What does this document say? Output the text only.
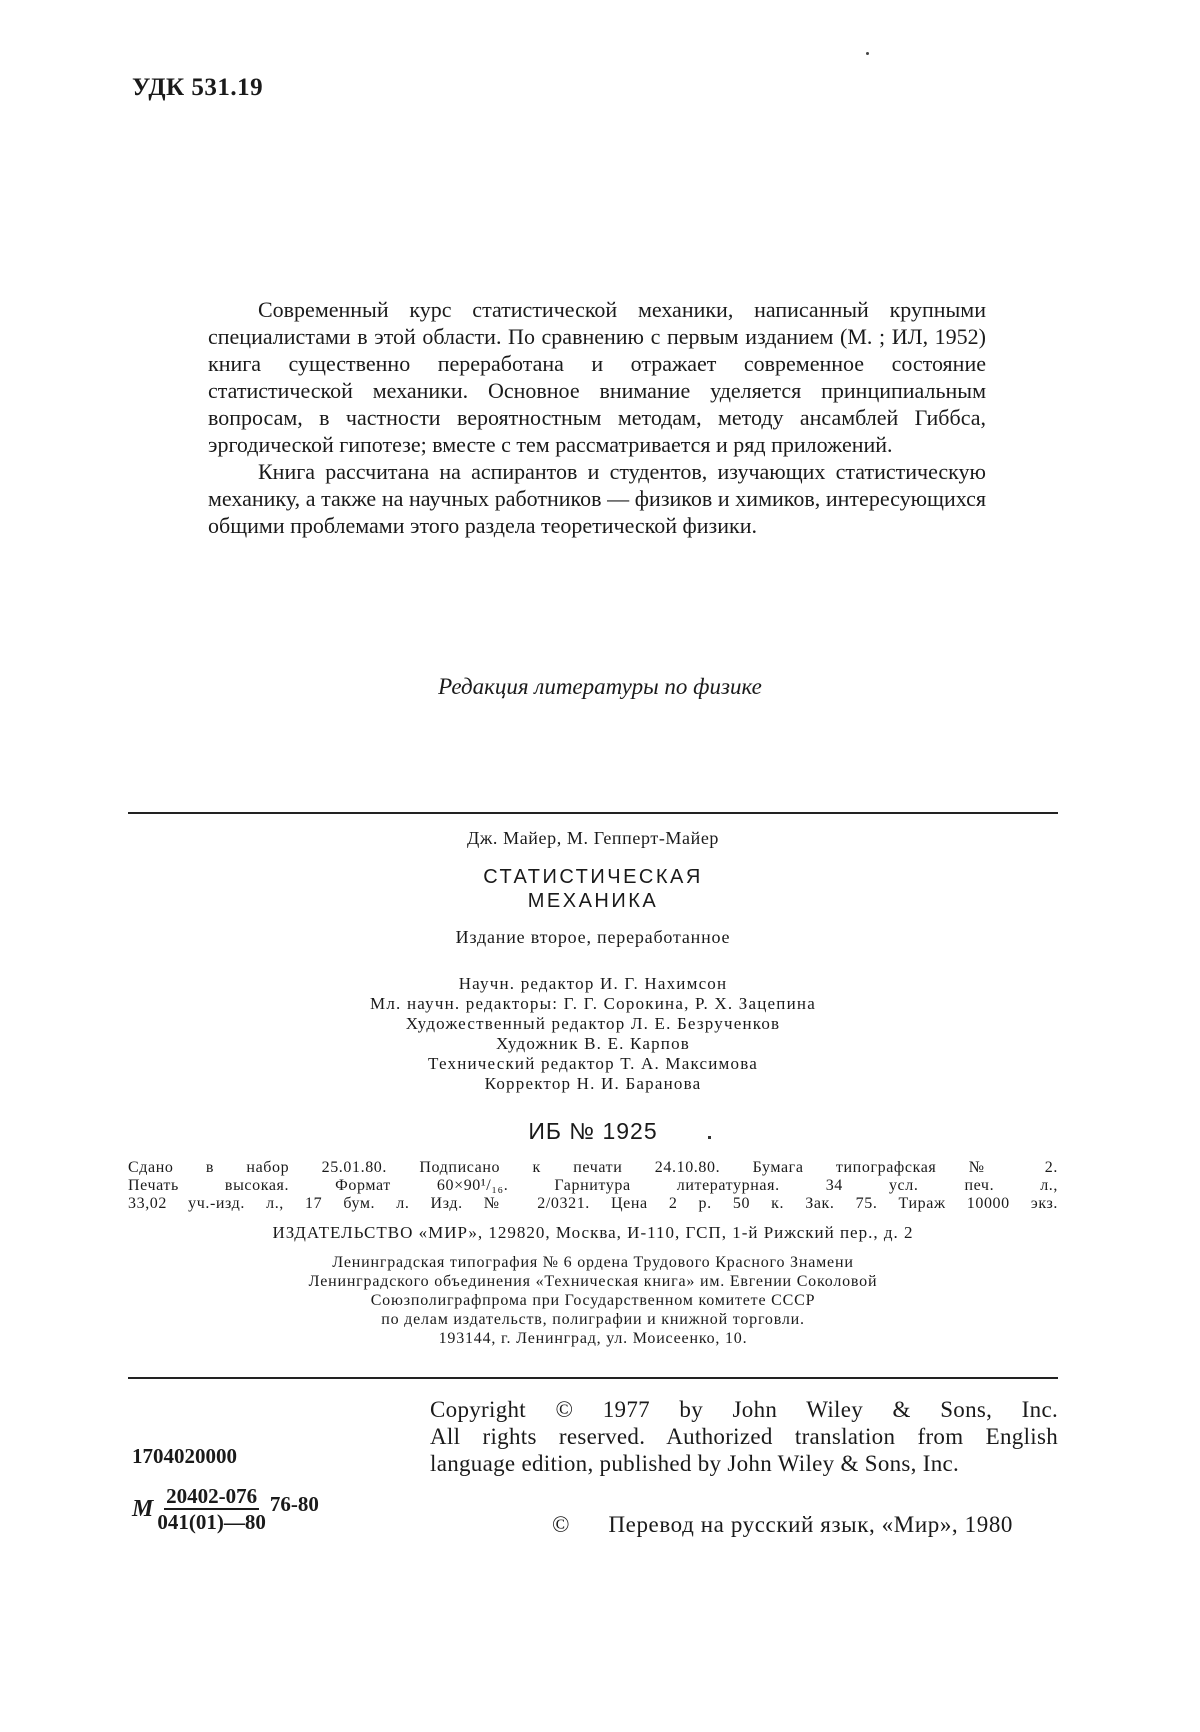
УДК 531.19

Современный курс статистической механики, написанный крупными специалистами в этой области. По сравнению с первым изданием (М. ; ИЛ, 1952) книга существенно переработана и отражает современное состояние статистической механики. Основное внимание уделяется принципиальным вопросам, в частности вероятностным методам, методу ансамблей Гиббса, эргодической гипотезе; вместе с тем рассматривается и ряд приложений.

Книга рассчитана на аспирантов и студентов, изучающих статистическую механику, а также на научных работников — физиков и химиков, интересующихся общими проблемами этого раздела теоретической физики.

Редакция литературы по физике
Дж. Майер, М. Гепперт-Майер
СТАТИСТИЧЕСКАЯ
МЕХАНИКА
Издание второе, переработанное
Научн. редактор И. Г. Нахимсон
Мл. научн. редакторы: Г. Г. Сорокина, Р. Х. Зацепина
Художественный редактор Л. Е. Безрученков
Художник В. Е. Карпов
Технический редактор Т. А. Максимова
Корректор Н. И. Баранова
ИБ № 1925
Сдано в набор 25.01.80. Подписано к печати 24.10.80. Бумага типографская № 2.
Печать высокая. Формат 60×90¹/₁₆. Гарнитура литературная. 34 усл. печ. л.,
33,02 уч.-изд. л., 17 бум. л. Изд. № 2/0321. Цена 2 р. 50 к. Зак. 75. Тираж 10000 экз.
ИЗДАТЕЛЬСТВО «МИР», 129820, Москва, И-110, ГСП, 1-й Рижский пер., д. 2
Ленинградская типография № 6 ордена Трудового Красного Знамени
Ленинградского объединения «Техническая книга» им. Евгении Соколовой
Союзполиграфпрома при Государственном комитете СССР
по делам издательств, полиграфии и книжной торговли.
193144, г. Ленинград, ул. Моисеенко, 10.
Copyright © 1977 by John Wiley & Sons, Inc.
All rights reserved. Authorized translation from English
language edition, published by John Wiley & Sons, Inc.
1704020000
М $\frac{20402-076}{041(01)—80} 76-80$
© Перевод на русский язык, «Мир», 1980
